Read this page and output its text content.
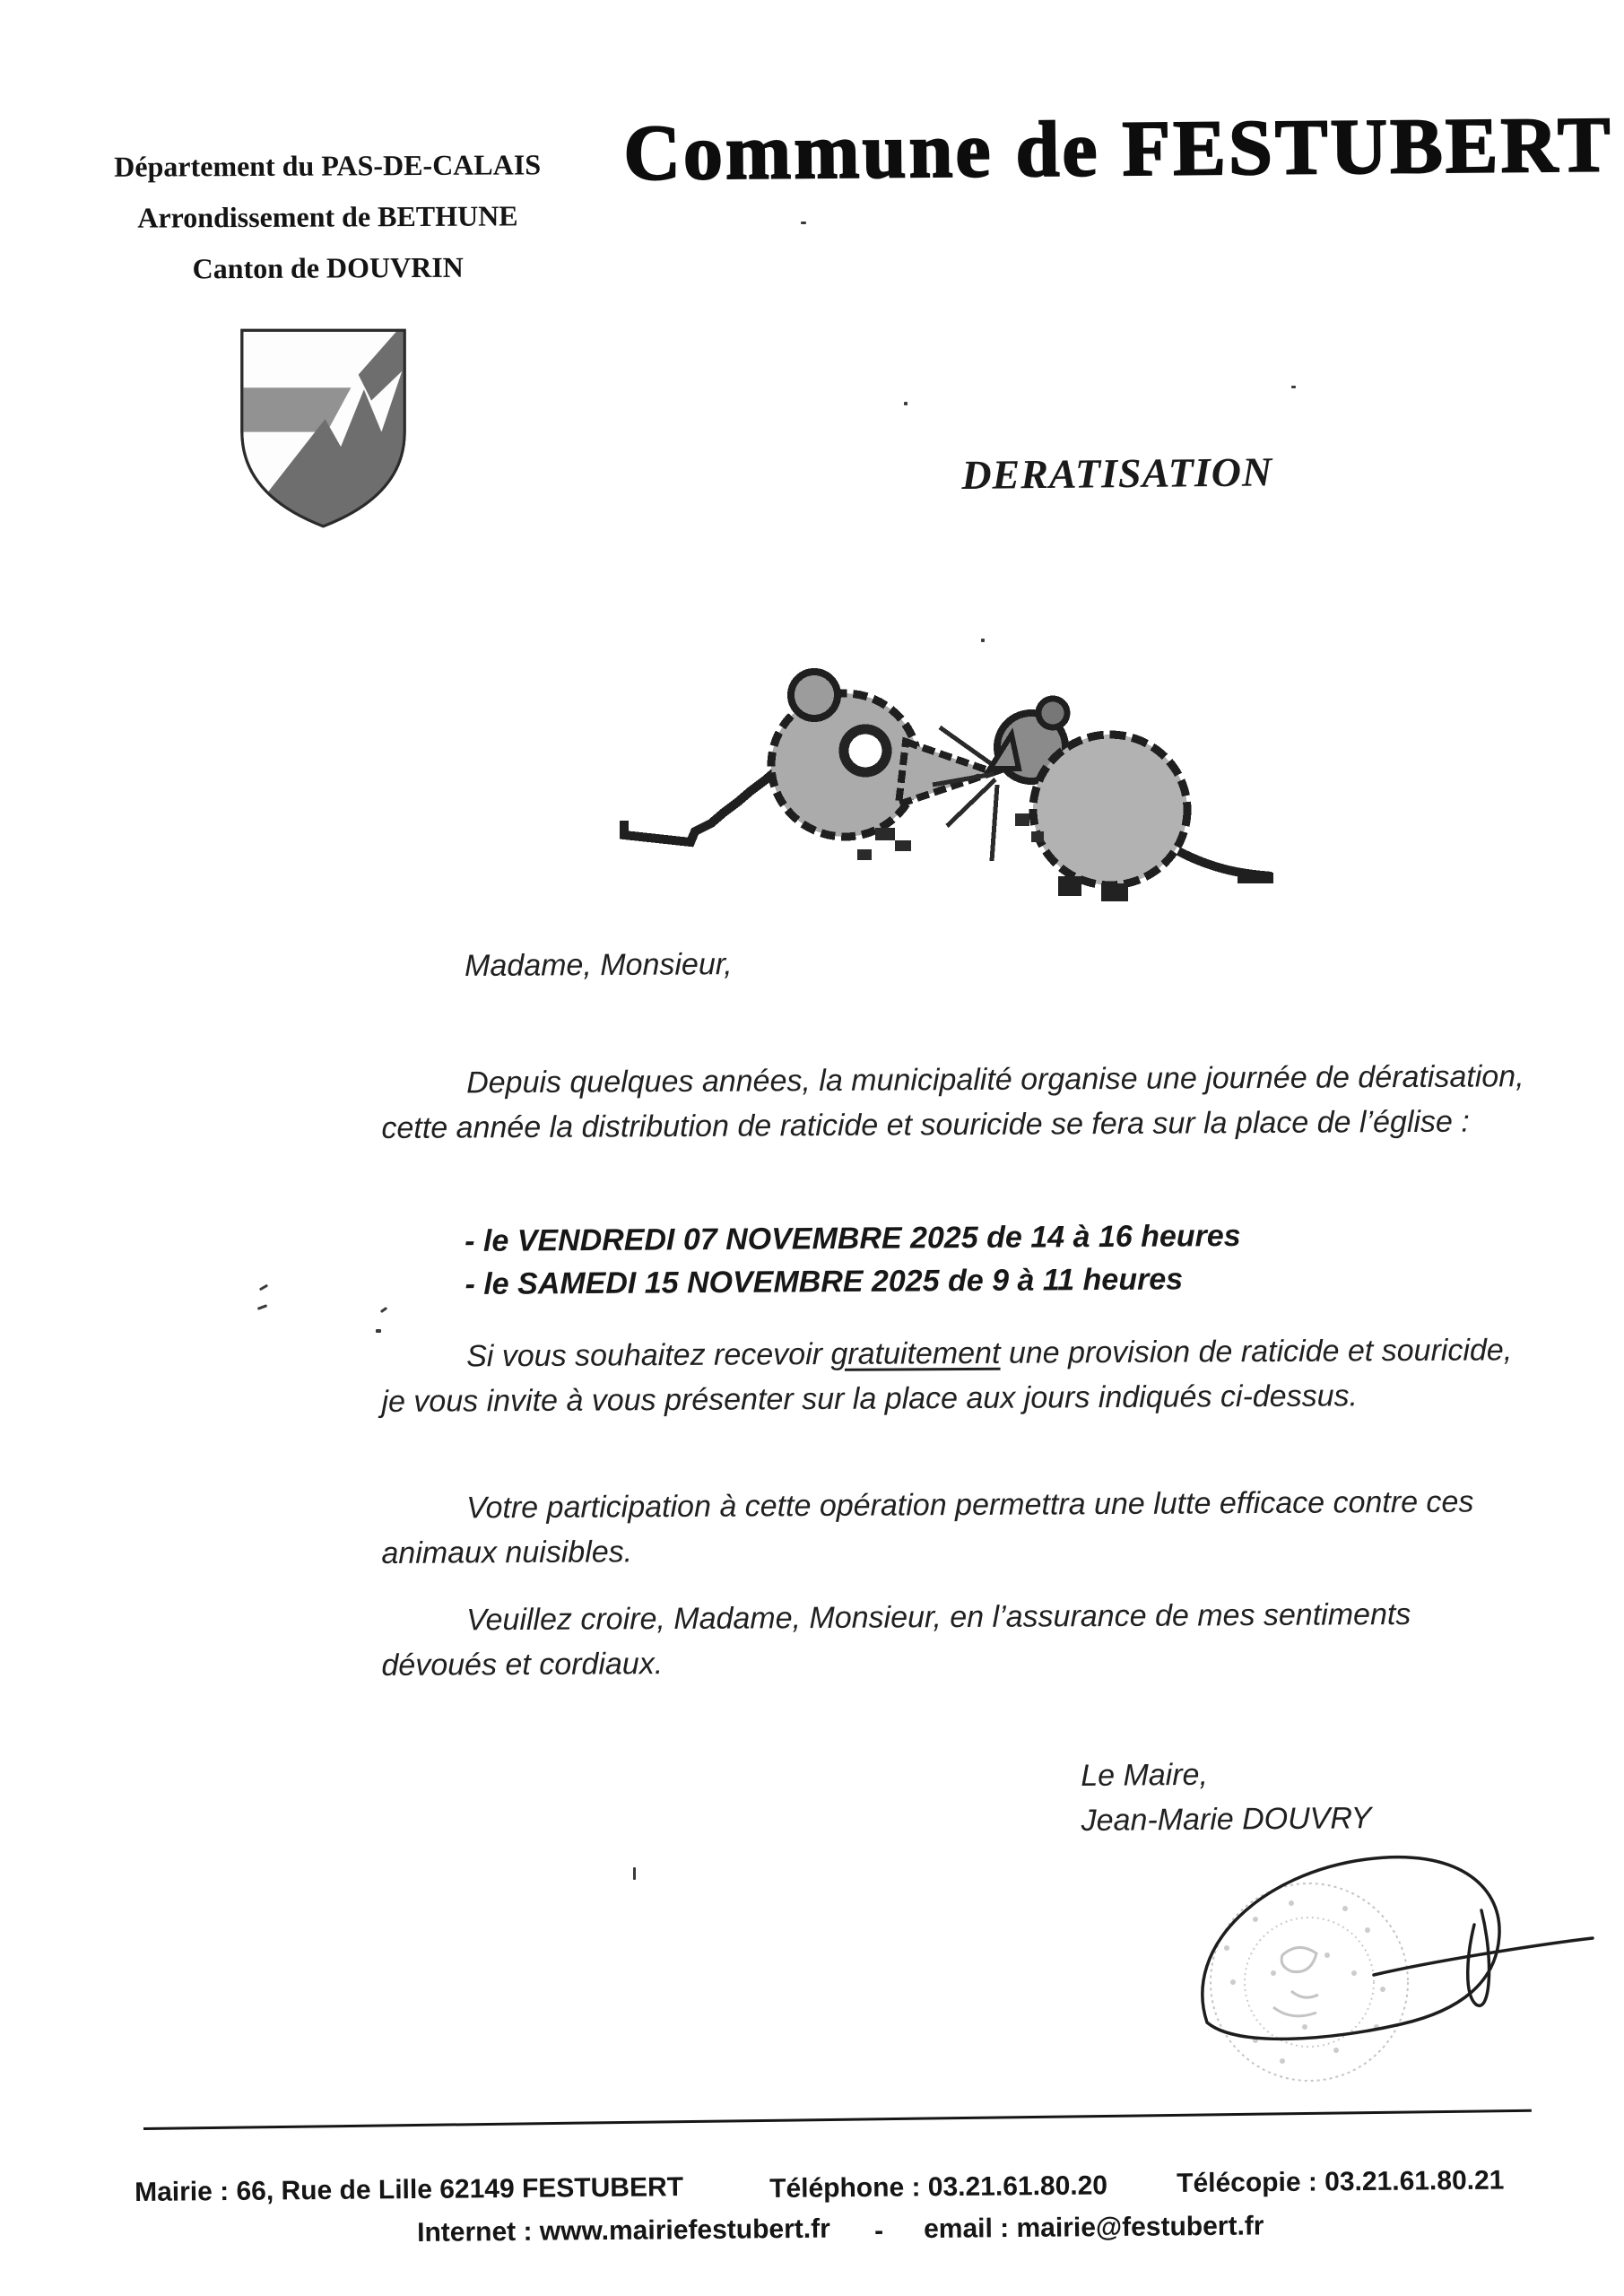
Département du PAS-DE-CALAIS
Arrondissement de BETHUNE
Canton de DOUVRIN
Commune de FESTUBERT
DERATISATION
Madame, Monsieur,

Depuis quelques années, la municipalité organise une journée de dératisation, cette année la distribution de raticide et souricide se fera sur la place de l’église :

- le VENDREDI 07 NOVEMBRE 2025 de 14 à 16 heures
- le SAMEDI 15 NOVEMBRE 2025 de 9 à 11 heures

Si vous souhaitez recevoir gratuitement une provision de raticide et souricide, je vous invite à vous présenter sur la place aux jours indiqués ci-dessus.

Votre participation à cette opération permettra une lutte efficace contre ces animaux nuisibles.

Veuillez croire, Madame, Monsieur, en l’assurance de mes sentiments dévoués et cordiaux.

Le Maire,
Jean-Marie DOUVRY
Mairie : 66, Rue de Lille 62149 FESTUBERT	Téléphone : 03.21.61.80.20	Télécopie : 03.21.61.80.21
Internet : www.mairiefestubert.fr - email : mairie@festubert.fr
